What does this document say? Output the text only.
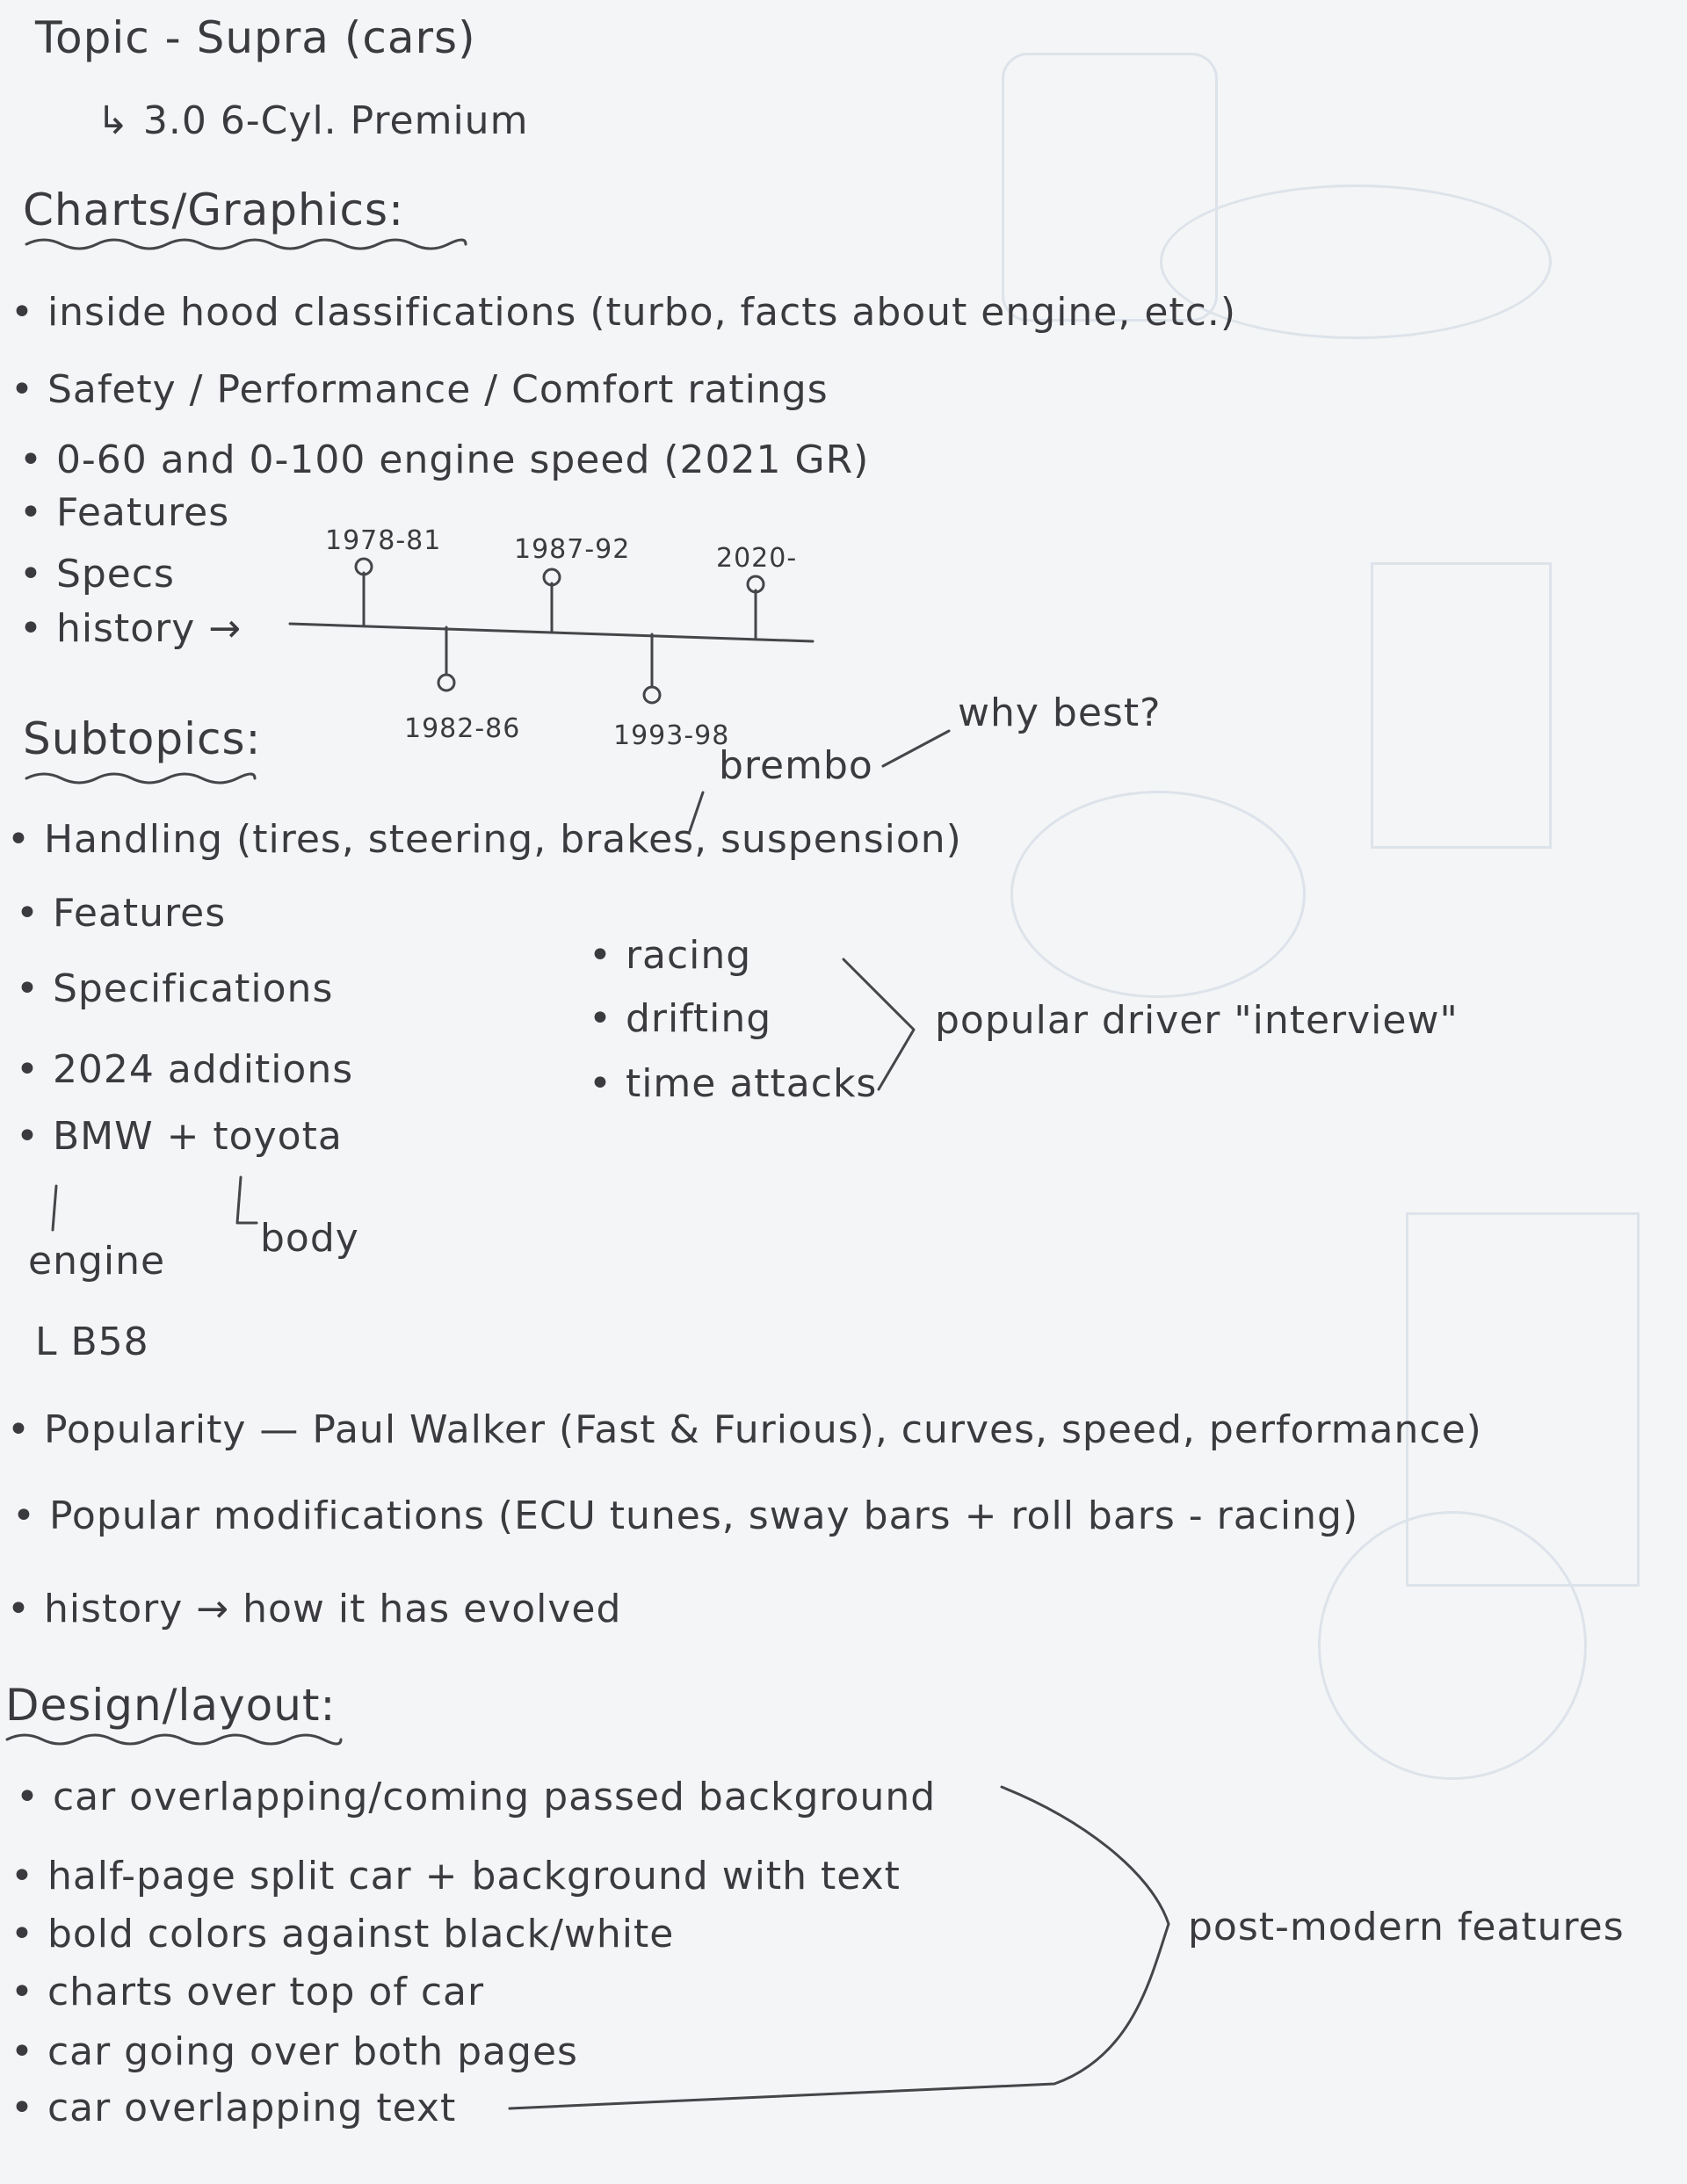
Topic - Supra (cars)
↳ 3.0 6-Cyl. Premium
Charts/Graphics:
• inside hood classifications (turbo, facts about engine, etc.)
• Safety / Performance / Comfort ratings
• 0-60 and 0-100 engine speed (2021 GR)
• Features
• Specs
• history →
1978-81	1987-92	2020-
1982-86	1993-98
Subtopics:
brembo
why best?
• Handling (tires, steering, brakes, suspension)
• Features
• Specifications
• 2024 additions
• BMW + toyota
engine
L B58
body
• racing
• drifting
• time attacks
popular driver "interview"
• Popularity — Paul Walker (Fast & Furious), curves, speed, performance)
• Popular modifications (ECU tunes, sway bars + roll bars - racing)
• history → how it has evolved
Design/layout:
• car overlapping/coming passed background
• half-page split car + background with text
• bold colors against black/white
• charts over top of car
• car going over both pages
• car overlapping text
post-modern features
